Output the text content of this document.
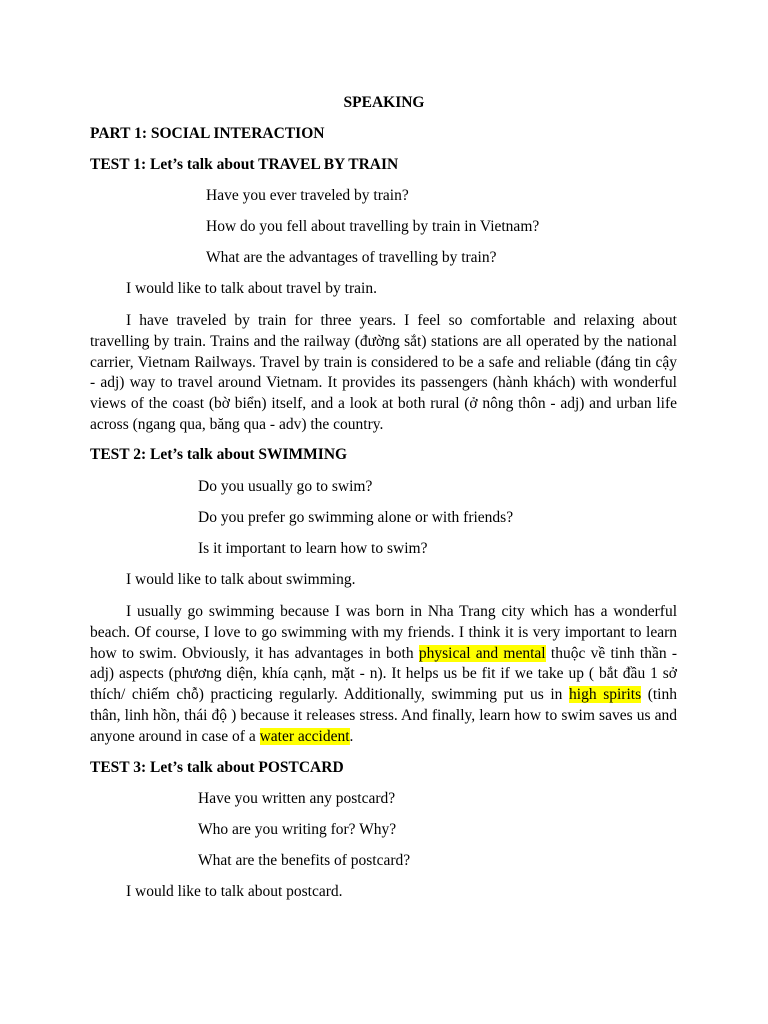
SPEAKING
PART 1: SOCIAL INTERACTION
TEST 1: Let’s talk about TRAVEL BY TRAIN
Have you ever traveled by train?
How do you fell about travelling by train in Vietnam?
What are the advantages of travelling by train?
I would like to talk about travel by train.
I have traveled by train for three years. I feel so comfortable and relaxing about travelling by train. Trains and the railway (đường sắt) stations are all operated by the national carrier, Vietnam Railways. Travel by train is considered to be a safe and reliable (đáng tin cậy - adj) way to travel around Vietnam. It provides its passengers (hành khách) with wonderful views of the coast (bờ biển) itself, and a look at both rural (ở nông thôn - adj) and urban life across (ngang qua, băng qua - adv) the country.
TEST 2: Let’s talk about SWIMMING
Do you usually go to swim?
Do you prefer go swimming alone or with friends?
Is it important to learn how to swim?
I would like to talk about swimming.
I usually go swimming because I was born in Nha Trang city which has a wonderful beach. Of course, I love to go swimming with my friends. I think it is very important to learn how to swim. Obviously, it has advantages in both physical and mental thuộc về tinh thần - adj) aspects (phương diện, khía cạnh, mặt - n). It helps us be fit if we take up ( bắt đầu 1 sở thích/ chiếm chỗ) practicing regularly. Additionally, swimming put us in high spirits (tinh thân, linh hồn, thái độ ) because it releases stress. And finally, learn how to swim saves us and anyone around in case of a water accident.
TEST 3: Let’s talk about POSTCARD
Have you written any postcard?
Who are you writing for? Why?
What are the benefits of postcard?
I would like to talk about postcard.
